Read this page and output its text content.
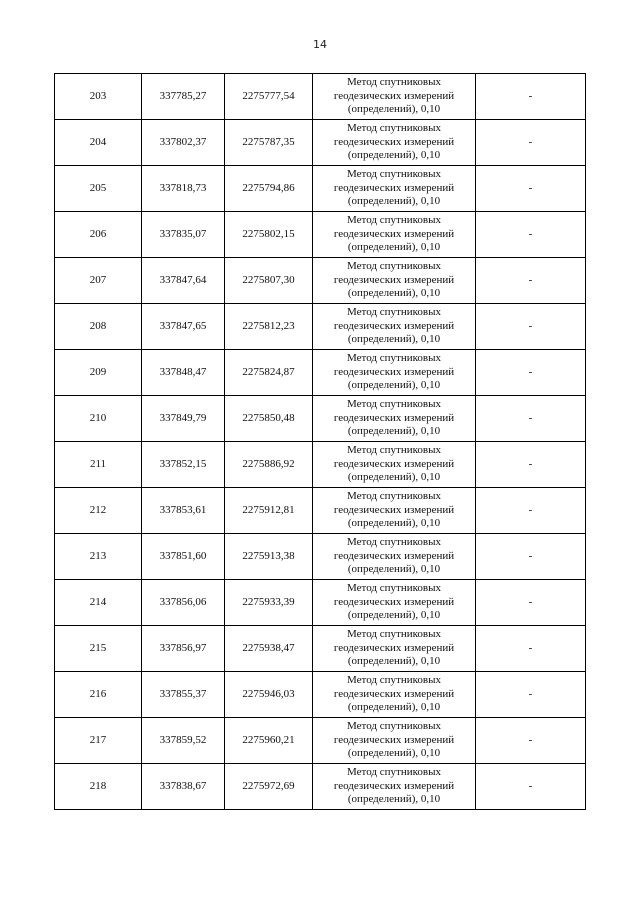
14
203	337785,27	2275777,54	Метод спутниковых
геодезических измерений
(определений), 0,10	-
204	337802,37	2275787,35	Метод спутниковых
геодезических измерений
(определений), 0,10	-
205	337818,73	2275794,86	Метод спутниковых
геодезических измерений
(определений), 0,10	-
206	337835,07	2275802,15	Метод спутниковых
геодезических измерений
(определений), 0,10	-
207	337847,64	2275807,30	Метод спутниковых
геодезических измерений
(определений), 0,10	-
208	337847,65	2275812,23	Метод спутниковых
геодезических измерений
(определений), 0,10	-
209	337848,47	2275824,87	Метод спутниковых
геодезических измерений
(определений), 0,10	-
210	337849,79	2275850,48	Метод спутниковых
геодезических измерений
(определений), 0,10	-
211	337852,15	2275886,92	Метод спутниковых
геодезических измерений
(определений), 0,10	-
212	337853,61	2275912,81	Метод спутниковых
геодезических измерений
(определений), 0,10	-
213	337851,60	2275913,38	Метод спутниковых
геодезических измерений
(определений), 0,10	-
214	337856,06	2275933,39	Метод спутниковых
геодезических измерений
(определений), 0,10	-
215	337856,97	2275938,47	Метод спутниковых
геодезических измерений
(определений), 0,10	-
216	337855,37	2275946,03	Метод спутниковых
геодезических измерений
(определений), 0,10	-
217	337859,52	2275960,21	Метод спутниковых
геодезических измерений
(определений), 0,10	-
218	337838,67	2275972,69	Метод спутниковых
геодезических измерений
(определений), 0,10	-
